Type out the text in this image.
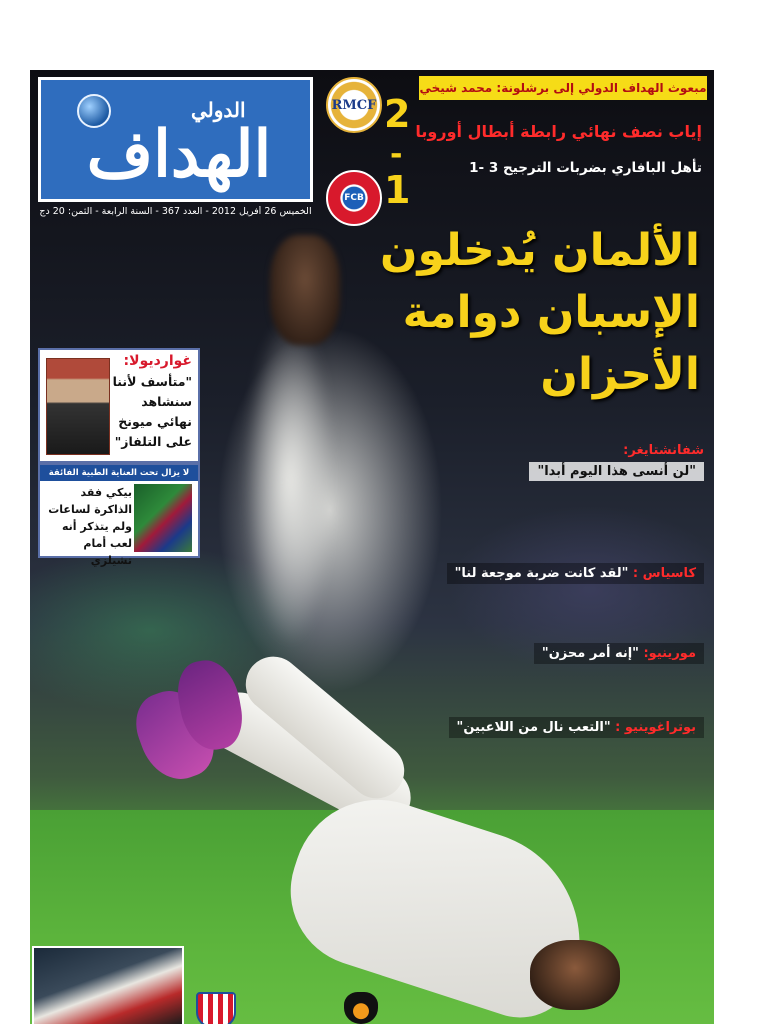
الدولي
الهداف
الخميس 26 أفريل 2012 - العدد 367 - السنة الرابعة - الثمن: 20 دج
RMCF
FCB
2
-
1
مبعوث الهداف الدولي إلى برشلونة: محمد شيخي
إياب نصف نهائي رابطة أبطال أوروبا
تأهل البافاري بضربات الترجيح 3 -1
الألمان يُدخلون
الإسبان دوامة
الأحزان
غوارديولا:
"متأسف لأننا سنشاهد نهائي ميونخ على التلفاز"
لا يزال تحت العناية الطبية الفائقة
بيكي فقد الذاكرة لساعات ولم يتذكر أنه لعب أمام تشيلزي
شفانشتايغر:
"لن أنسى هذا اليوم أبدا"
كاسياس : "لقد كانت ضربة موجعة لنا"
مورينيو: "إنه أمر محزن"
بوتراغوينيو : "التعب نال من اللاعبين"
